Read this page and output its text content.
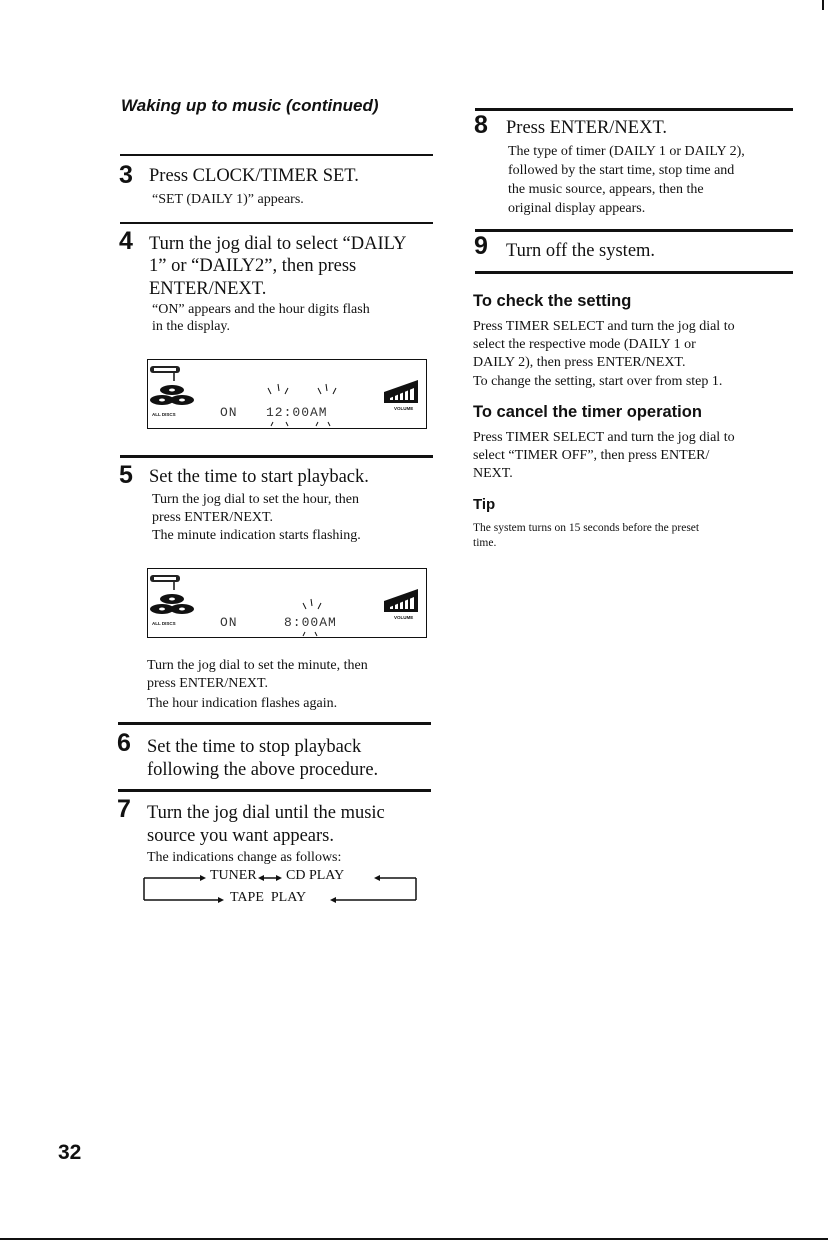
Waking up to music (continued)
3 Press CLOCK/TIMER SET.
“SET (DAILY 1)” appears.
4 Turn the jog dial to select “DAILY
1” or “DAILY2”, then press
ENTER/NEXT.
“ON” appears and the hour digits flash
in the display.
ALL DISCS
VOLUME
ON 12:00AM
5 Set the time to start playback.
Turn the jog dial to set the hour, then
press ENTER/NEXT.
The minute indication starts flashing.
ALL DISCS
VOLUME
ON	8:00AM
Turn the jog dial to set the minute, then
press ENTER/NEXT.
The hour indication flashes again.
6 Set the time to stop playback
following the above procedure.
7 Turn the jog dial until the music
source you want appears.
The indications change as follows:
TUNER CD PLAY
TAPE  PLAY
8 Press ENTER/NEXT.
The type of timer (DAILY 1 or DAILY 2),
followed by the start time, stop time and
the music source, appears, then the
original display appears.
9 Turn off the system.
To check the setting
Press TIMER SELECT and turn the jog dial to
select the respective mode (DAILY 1 or
DAILY 2), then press ENTER/NEXT.
To change the setting, start over from step 1.
To cancel the timer operation
Press TIMER SELECT and turn the jog dial to
select “TIMER OFF”, then press ENTER/
NEXT.
Tip
The system turns on 15 seconds before the preset
time.
32
